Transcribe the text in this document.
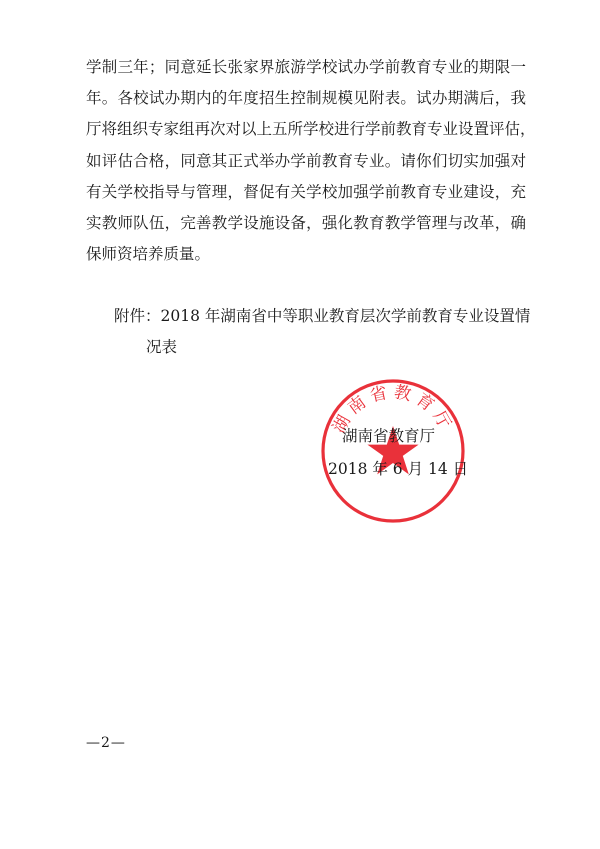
学制三年；同意延长张家界旅游学校试办学前教育专业的期限一
年。各校试办期内的年度招生控制规模见附表。试办期满后，我
厅将组织专家组再次对以上五所学校进行学前教育专业设置评估，
如评估合格，同意其正式举办学前教育专业。请你们切实加强对
有关学校指导与管理，督促有关学校加强学前教育专业建设，充
实教师队伍，完善教学设施设备，强化教育教学管理与改革，确
保师资培养质量。
附件：2018 年湖南省中等职业教育层次学前教育专业设置情
况表
湖南省教育厅
湖南省教育厅
2018 年 6 月 14 日
—2—
